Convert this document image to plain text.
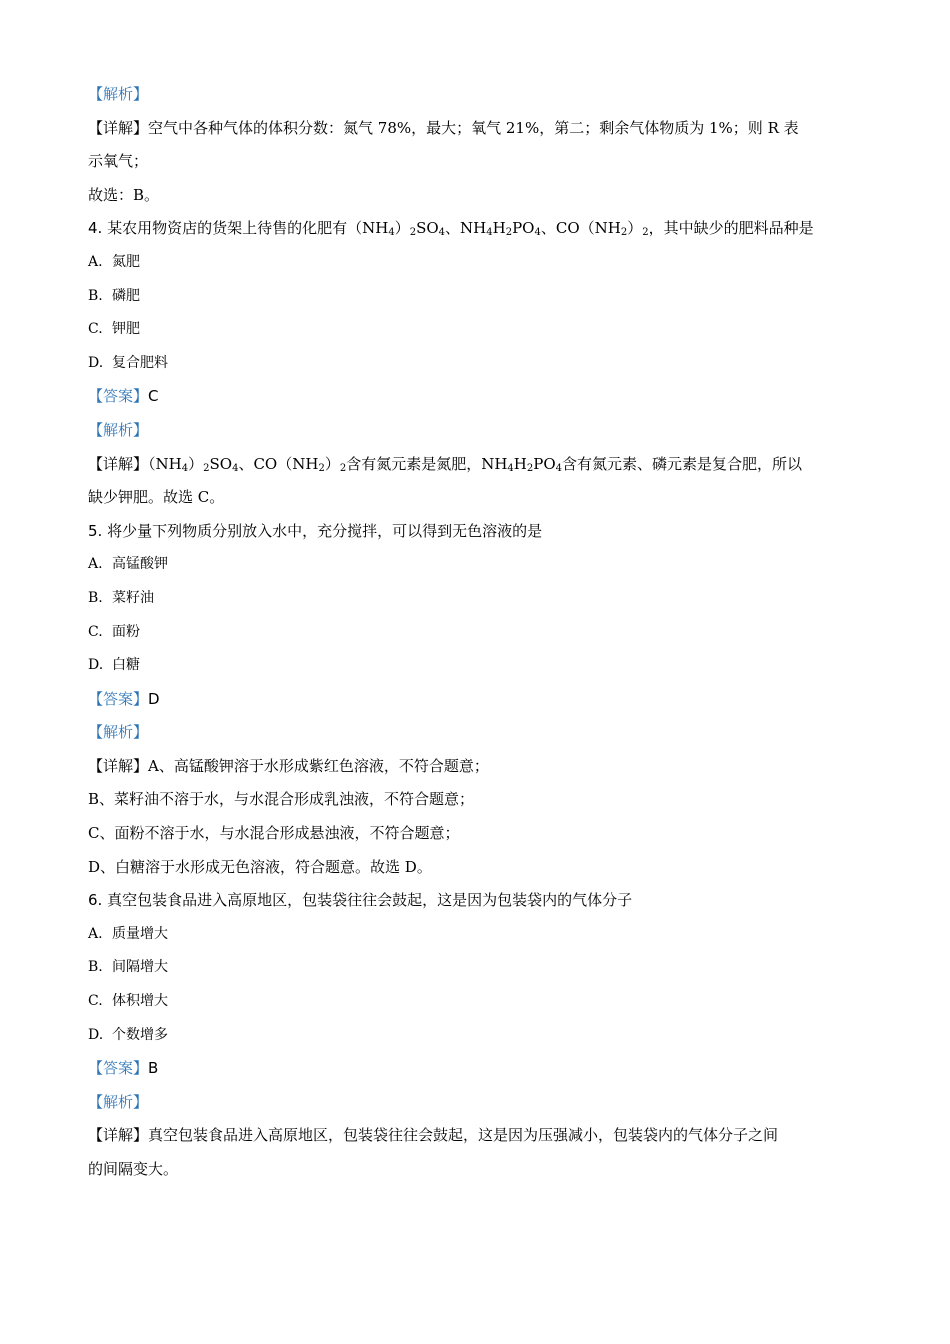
【解析】

【详解】空气中各种气体的体积分数：氮气 78%，最大；氧气 21%，第二；剩余气体物质为 1%；则 R 表

示氧气；

故选：B。

4. 某农用物资店的货架上待售的化肥有$(NH_4)_2SO_4$、$NH_4H_2PO_4$、$CO(NH_2)_2$，其中缺少的肥料品种是

A. 氮肥

B. 磷肥

C. 钾肥

D. 复合肥料

【答案】C

【解析】

【详解】$(NH_4)_2SO_4$、$CO(NH_2)_2$含有氮元素是氮肥，$NH_4H_2PO_4$含有氮元素、磷元素是复合肥，所以

缺少钾肥。故选 C。

5. 将少量下列物质分别放入水中，充分搅拌，可以得到无色溶液的是

A. 高锰酸钾

B. 菜籽油

C. 面粉

D. 白糖

【答案】D

【解析】

【详解】A、高锰酸钾溶于水形成紫红色溶液，不符合题意；

B、菜籽油不溶于水，与水混合形成乳浊液，不符合题意；

C、面粉不溶于水，与水混合形成悬浊液，不符合题意；

D、白糖溶于水形成无色溶液，符合题意。故选 D。

6. 真空包装食品进入高原地区，包装袋往往会鼓起，这是因为包装袋内的气体分子

A. 质量增大

B. 间隔增大

C. 体积增大

D. 个数增多

【答案】B

【解析】

【详解】真空包装食品进入高原地区，包装袋往往会鼓起，这是因为压强减小，包装袋内的气体分子之间

的间隔变大。
